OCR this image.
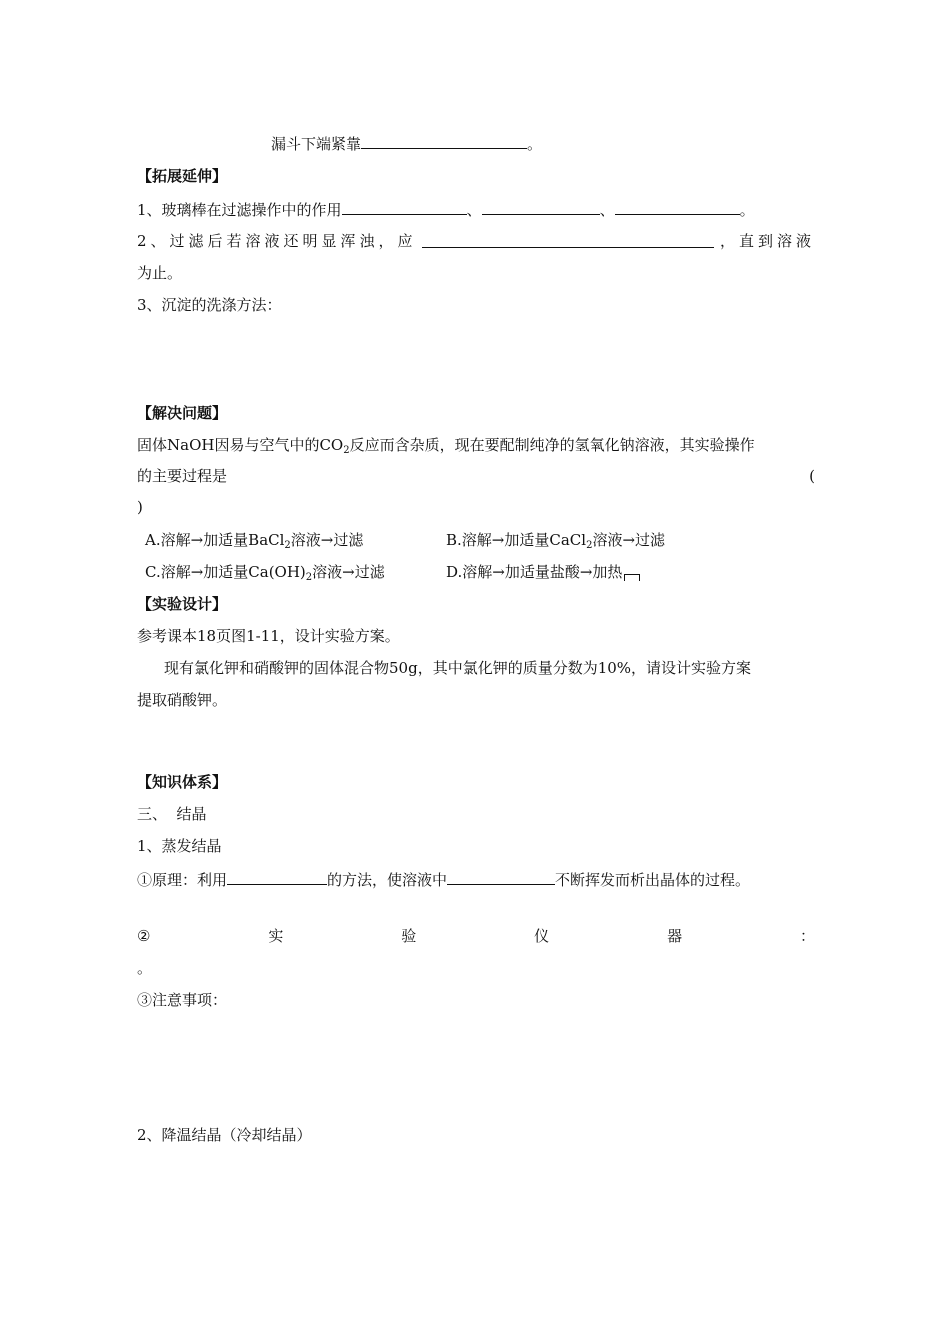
漏斗下端紧靠	。
【拓展延伸】
1、玻璃棒在过滤操作中的作用	、	、	。
2、过滤后若溶液还明显浑浊，应	，直到溶液
为止。
3、沉淀的洗涤方法：
【解决问题】
固体NaOH因易与空气中的$CO_2$反应而含杂质，现在要配制纯净的氢氧化钠溶液，其实验操作
的主要过程是	(
)
A.溶解→加适量BaCl$_2$溶液→过滤	B.溶解→加适量CaCl$_2$溶液→过滤
C.溶解→加适量$Ca(OH)_2$溶液→过滤	D.溶解→加适量盐酸→加热
【实验设计】
参考课本18页图1-11，设计实验方案。
现有氯化钾和硝酸钾的固体混合物50g，其中氯化钾的质量分数为10%，请设计实验方案
提取硝酸钾。
【知识体系】
三、  结晶
1、蒸发结晶
①原理：利用	的方法，使溶液中	不断挥发而析出晶体的过程。
②	实	验	仪	器	：
。
③注意事项：
2、降温结晶（冷却结晶）
